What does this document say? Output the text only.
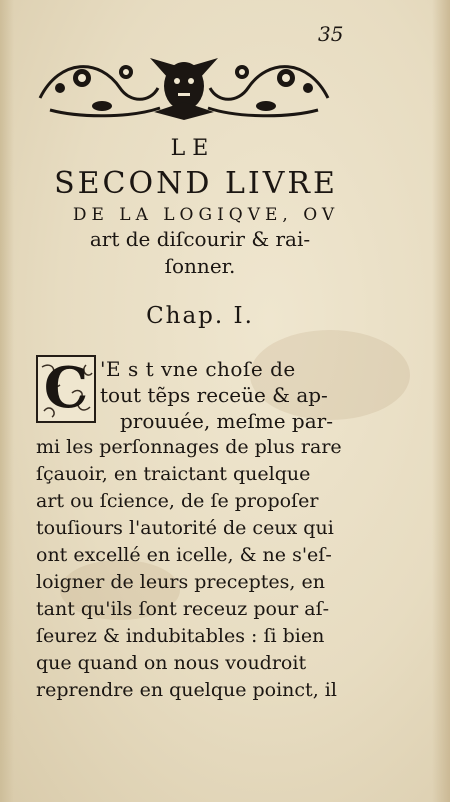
35
LE
SECOND LIVRE
DE LA LOGIQVE, OV
art de diſcourir & rai-
ſonner.
Chap. I.
C 'E s t vne choſe de
tout tẽps receüe & ap-
prouuée, meſme par-
mi les perſonnages de plus rare
ſçauoir, en traictant quelque
art ou ſcience, de ſe propoſer
touſiours l'autorité de ceux qui
ont excellé en icelle, & ne s'eſ-
loigner de leurs preceptes, en
tant qu'ils ſont receuz pour aſ-
ſeurez & indubitables : ſi bien
que quand on nous voudroit
reprendre en quelque poinct, il
